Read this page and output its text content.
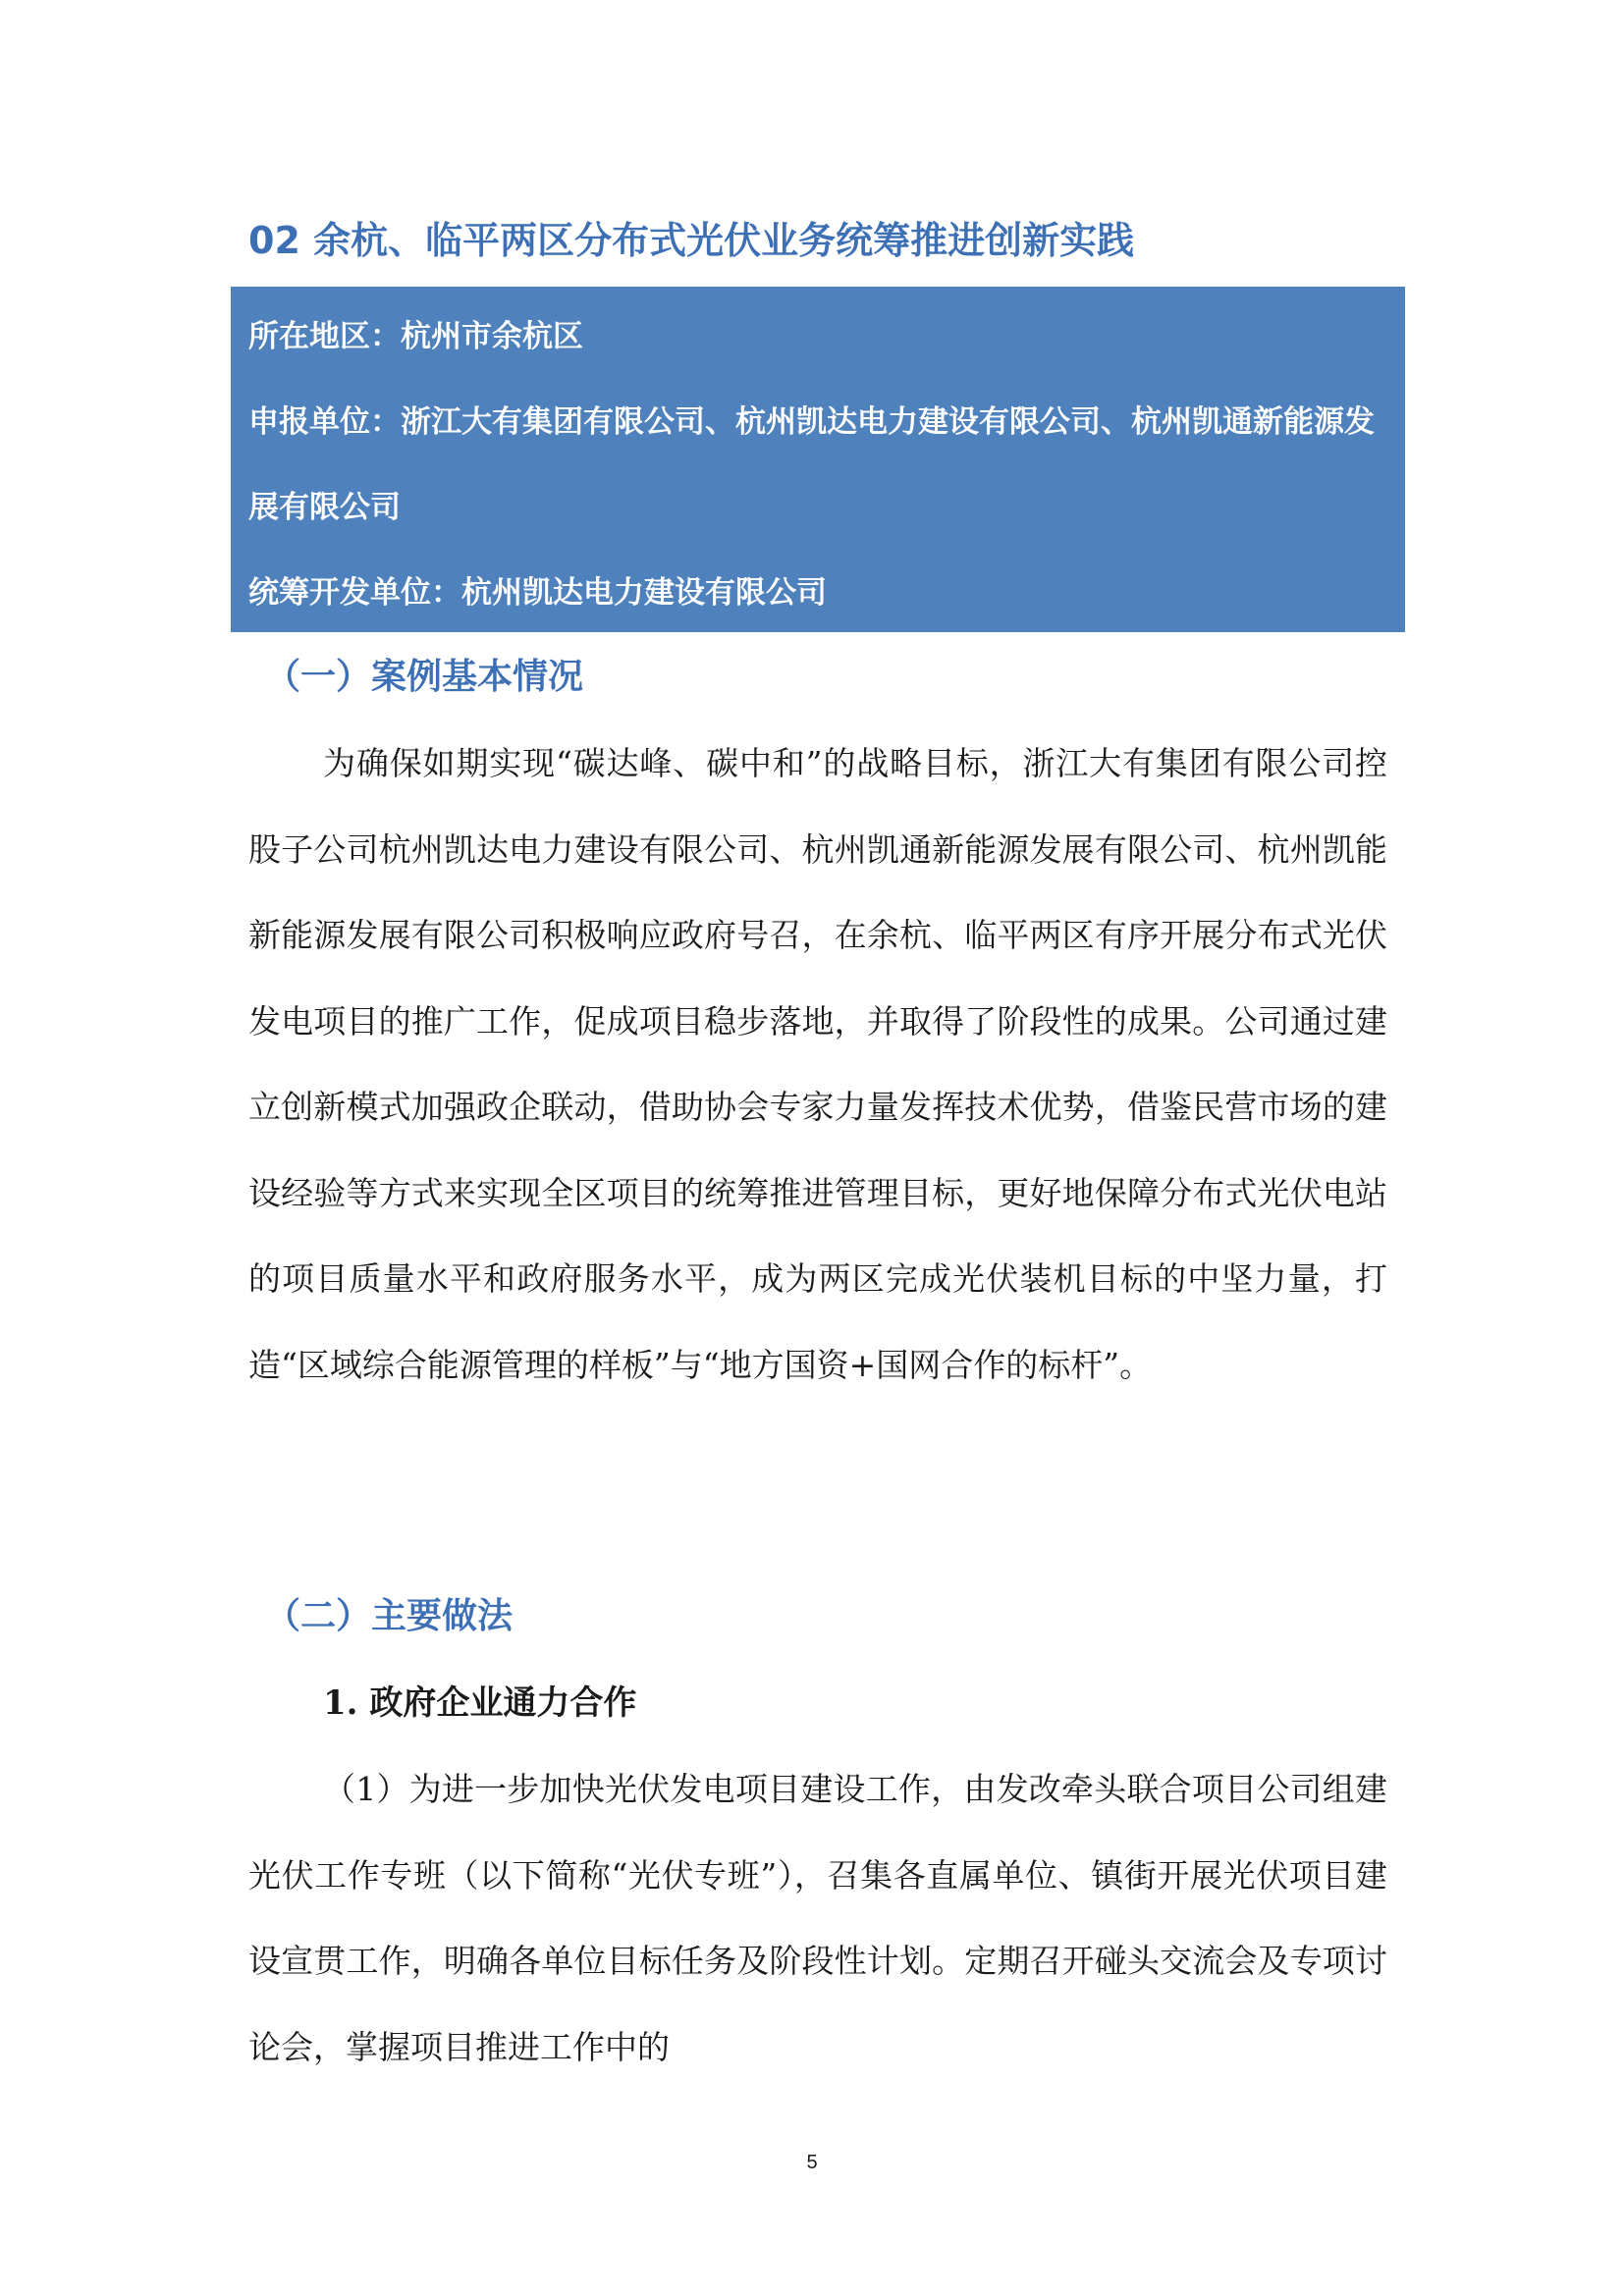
02 余杭、临平两区分布式光伏业务统筹推进创新实践
所在地区：杭州市余杭区
申报单位：浙江大有集团有限公司、杭州凯达电力建设有限公司、杭州凯通新能源发展有限公司
统筹开发单位：杭州凯达电力建设有限公司
（一）案例基本情况

为确保如期实现“碳达峰、碳中和”的战略目标，浙江大有集团有限公司控股子公司杭州凯达电力建设有限公司、杭州凯通新能源发展有限公司、杭州凯能新能源发展有限公司积极响应政府号召，在余杭、临平两区有序开展分布式光伏发电项目的推广工作，促成项目稳步落地，并取得了阶段性的成果。公司通过建立创新模式加强政企联动，借助协会专家力量发挥技术优势，借鉴民营市场的建设经验等方式来实现全区项目的统筹推进管理目标，更好地保障分布式光伏电站的项目质量水平和政府服务水平，成为两区完成光伏装机目标的中坚力量，打造“区域综合能源管理的样板”与“地方国资+国网合作的标杆”。

（二）主要做法
1. 政府企业通力合作

（1）为进一步加快光伏发电项目建设工作，由发改牵头联合项目公司组建光伏工作专班（以下简称“光伏专班”），召集各直属单位、镇街开展光伏项目建设宣贯工作，明确各单位目标任务及阶段性计划。定期召开碰头交流会及专项讨论会，掌握项目推进工作中的

5
